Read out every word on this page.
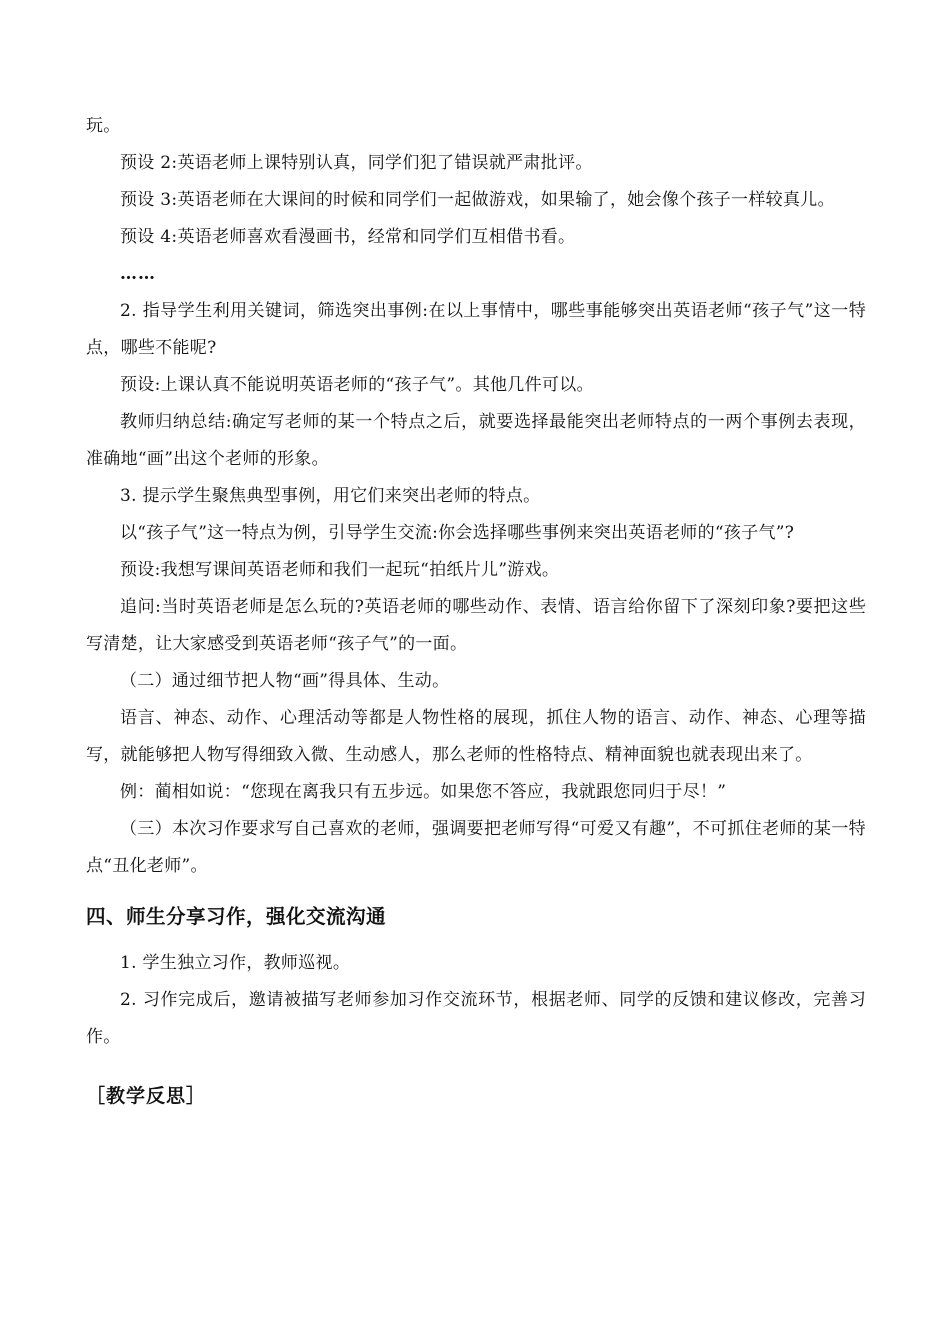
玩。

预设 2:英语老师上课特别认真，同学们犯了错误就严肃批评。

预设 3:英语老师在大课间的时候和同学们一起做游戏，如果输了，她会像个孩子一样较真儿。

预设 4:英语老师喜欢看漫画书，经常和同学们互相借书看。

……

2. 指导学生利用关键词，筛选突出事例:在以上事情中，哪些事能够突出英语老师“孩子气”这一特点，哪些不能呢?

预设:上课认真不能说明英语老师的“孩子气”。其他几件可以。

教师归纳总结:确定写老师的某一个特点之后，就要选择最能突出老师特点的一两个事例去表现，准确地“画”出这个老师的形象。

3. 提示学生聚焦典型事例，用它们来突出老师的特点。

以“孩子气”这一特点为例，引导学生交流:你会选择哪些事例来突出英语老师的“孩子气”?

预设:我想写课间英语老师和我们一起玩“拍纸片儿”游戏。

追问:当时英语老师是怎么玩的?英语老师的哪些动作、表情、语言给你留下了深刻印象?要把这些写清楚，让大家感受到英语老师“孩子气”的一面。

（二）通过细节把人物“画”得具体、生动。

语言、神态、动作、心理活动等都是人物性格的展现，抓住人物的语言、动作、神态、心理等描写，就能够把人物写得细致入微、生动感人，那么老师的性格特点、精神面貌也就表现出来了。

例：蔺相如说：“您现在离我只有五步远。如果您不答应，我就跟您同归于尽！”

（三）本次习作要求写自己喜欢的老师，强调要把老师写得“可爱又有趣”，不可抓住老师的某一特点“丑化老师”。

四、师生分享习作，强化交流沟通

1. 学生独立习作，教师巡视。

2. 习作完成后，邀请被描写老师参加习作交流环节，根据老师、同学的反馈和建议修改，完善习作。

［教学反思］
